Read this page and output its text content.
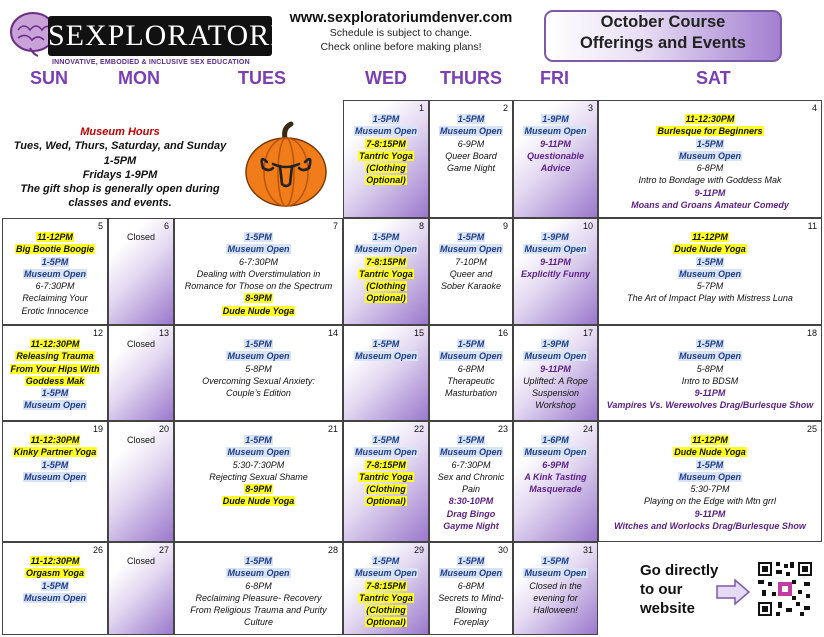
SEXPLORATORIUM
INNOVATIVE, EMBODIED & INCLUSIVE SEX EDUCATION
www.sexploratoriumdenver.com
Schedule is subject to change.
Check online before making plans!
October Course
Offerings and Events
SUN	MON	TUES	WED THURS FRI	SAT
Museum Hours
Tues, Wed, Thurs, Saturday, and Sunday
1-5PM
Fridays 1-9PM
The gift shop is generally open during
classes and events.
1
1-5PM
Museum Open
7-8:15PM
Tantric Yoga
(Clothing
Optional)
2
1-5PM
Museum Open
6-9PM
Queer Board
Game Night
3
1-9PM
Museum Open
9-11PM
Questionable
Advice
4
11-12:30PM
Burlesque for Beginners
1-5PM
Museum Open
6-8PM
Intro to Bondage with Goddess Mak
9-11PM
Moans and Groans Amateur Comedy
5
11-12PM
Big Bootie Boogie
1-5PM
Museum Open
6-7:30PM
Reclaiming Your
Erotic Innocence
6
Closed
7
1-5PM
Museum Open
6-7:30PM
Dealing with Overstimulation in
Romance for Those on the Spectrum
8-9PM
Dude Nude Yoga
8
1-5PM
Museum Open
7-8:15PM
Tantric Yoga
(Clothing
Optional)
9
1-5PM
Museum Open
7-10PM
Queer and
Sober Karaoke
10
1-9PM
Museum Open
9-11PM
Explicitly Funny
11
11-12PM
Dude Nude Yoga
1-5PM
Museum Open
5-7PM
The Art of Impact Play with Mistress Luna
12
11-12:30PM
Releasing Trauma
From Your Hips With
Goddess Mak
1-5PM
Museum Open
13
Closed
14
1-5PM
Museum Open
5-8PM
Overcoming Sexual Anxiety:
Couple’s Edition
15
1-5PM
Museum Open
16
1-5PM
Museum Open
6-8PM
Therapeutic
Masturbation
17
1-9PM
Museum Open
9-11PM
Uplifted: A Rope
Suspension
Workshop
18
1-5PM
Museum Open
5-8PM
Intro to BDSM
9-11PM
Vampires Vs. Werewolves Drag/Burlesque Show
19
11-12:30PM
Kinky Partner Yoga
1-5PM
Museum Open
20
Closed
21
1-5PM
Museum Open
5:30-7:30PM
Rejecting Sexual Shame
8-9PM
Dude Nude Yoga
22
1-5PM
Museum Open
7-8:15PM
Tantric Yoga
(Clothing
Optional)
23
1-5PM
Museum Open
6-7:30PM
Sex and Chronic
Pain
8:30-10PM
Drag Bingo
Gayme Night
24
1-6PM
Museum Open
6-9PM
A Kink Tasting
Masquerade
25
11-12PM
Dude Nude Yoga
1-5PM
Museum Open
5:30-7PM
Playing on the Edge with Mtn grrl
9-11PM
Witches and Worlocks Drag/Burlesque Show
26
11-12:30PM
Orgasm Yoga
1-5PM
Museum Open
27
Closed
28
1-5PM
Museum Open
6-8PM
Reclaiming Pleasure- Recovery
From Religious Trauma and Purity
Culture
29
1-5PM
Museum Open
7-8:15PM
Tantric Yoga
(Clothing
Optional)
30
1-5PM
Museum Open
6-8PM
Secrets to Mind-
Blowing
Foreplay
31
1-5PM
Museum Open
Closed in the
evening for
Halloween!
Go directly
to our
website
